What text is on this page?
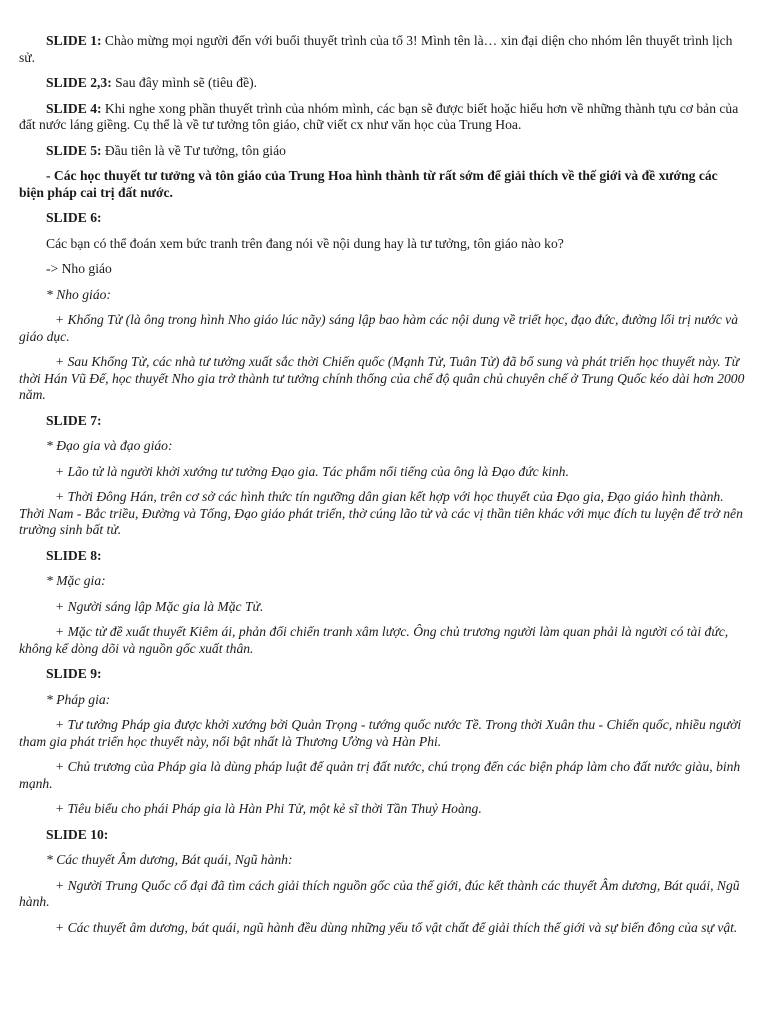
SLIDE 1: Chào mừng mọi người đến với buổi thuyết trình của tổ 3! Mình tên là… xin đại diện cho nhóm lên thuyết trình lịch sử.

SLIDE 2,3: Sau đây mình sẽ (tiêu đề).

SLIDE 4: Khi nghe xong phần thuyết trình của nhóm mình, các bạn sẽ được biết hoặc hiểu hơn về những thành tựu cơ bản của đất nước láng giềng. Cụ thể là về tư tưởng tôn giáo, chữ viết cx như văn học của Trung Hoa.

SLIDE 5: Đầu tiên là về Tư tưởng, tôn giáo

- Các học thuyết tư tưởng và tôn giáo của Trung Hoa hình thành từ rất sớm để giải thích về thế giới và đề xướng các biện pháp cai trị đất nước.

SLIDE 6:

Các bạn có thể đoán xem bức tranh trên đang nói về nội dung hay là tư tưởng, tôn giáo nào ko?

-> Nho giáo

* Nho giáo:

+ Khổng Tử (là ông trong hình Nho giáo lúc nãy) sáng lập bao hàm các nội dung về triết học, đạo đức, đường lối trị nước và giáo dục.

+ Sau Khổng Tử, các nhà tư tưởng xuất sắc thời Chiến quốc (Mạnh Tử, Tuân Tử) đã bổ sung và phát triển học thuyết này. Từ thời Hán Vũ Đế, học thuyết Nho gia trở thành tư tưởng chính thống của chế độ quân chủ chuyên chế ở Trung Quốc kéo dài hơn 2000 năm.

SLIDE 7:

* Đạo gia và đạo giáo:

+ Lão tử là người khởi xướng tư tưởng Đạo gia. Tác phẩm nổi tiếng của ông là Đạo đức kinh.

+ Thời Đông Hán, trên cơ sở các hình thức tín ngưỡng dân gian kết hợp với học thuyết của Đạo gia, Đạo giáo hình thành. Thời Nam - Bắc triều, Đường và Tống, Đạo giáo phát triển, thờ cúng lão tử và các vị thần tiên khác với mục đích tu luyện để trở nên trường sinh bất tử.

SLIDE 8:

* Mặc gia:

+ Người sáng lập Mặc gia là Mặc Tử.

+ Mặc tử đề xuất thuyết Kiêm ái, phản đối chiến tranh xâm lược. Ông chủ trương người làm quan phải là người có tài đức, không kể dòng dõi và nguồn gốc xuất thân.

SLIDE 9:

* Pháp gia:

+ Tư tưởng Pháp gia được khởi xướng bởi Quản Trọng - tướng quốc nước Tề. Trong thời Xuân thu - Chiến quốc, nhiều người tham gia phát triển học thuyết này, nổi bật nhất là Thương Ưởng và Hàn Phi.

+ Chủ trương của Pháp gia là dùng pháp luật để quản trị đất nước, chú trọng đến các biện pháp làm cho đất nước giàu, binh mạnh.

+ Tiêu biểu cho phái Pháp gia là Hàn Phi Tử, một kẻ sĩ thời Tần Thuỷ Hoàng.

SLIDE 10:

* Các thuyết Âm dương, Bát quái, Ngũ hành:

+ Người Trung Quốc cổ đại đã tìm cách giải thích nguồn gốc của thế giới, đúc kết thành các thuyết Âm dương, Bát quái, Ngũ hành.

+ Các thuyết âm dương, bát quái, ngũ hành đều dùng những yếu tố vật chất để giải thích thế giới và sự biến đông của sự vật.
